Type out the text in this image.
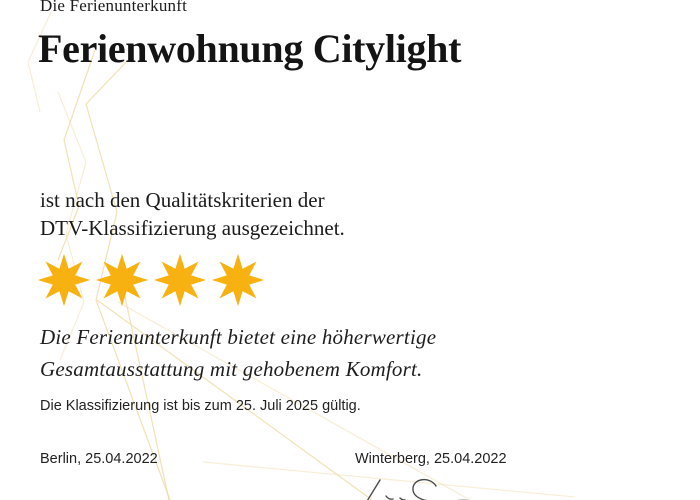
Die Ferienunterkunft
Ferienwohnung Citylight
ist nach den Qualitätskriterien der
DTV-Klassifizierung ausgezeichnet.
Die Ferienunterkunft bietet eine höherwertige
Gesamtausstattung mit gehobenem Komfort.
Die Klassifizierung ist bis zum 25. Juli 2025 gültig.
Berlin, 25.04.2022	Winterberg, 25.04.2022
